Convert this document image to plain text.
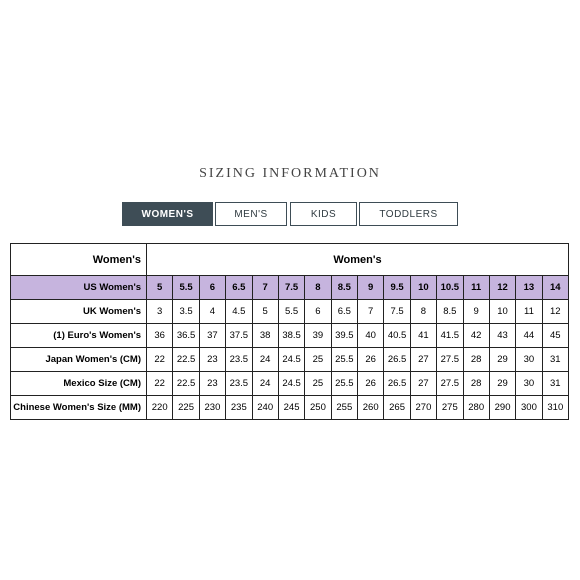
SIZING INFORMATION
WOMEN'S	MEN'S	KIDS	TODDLERS
Women's	Women's															
US Women's	5	5.5	6	6.5	7	7.5	8	8.5	9	9.5	10	10.5	11	12	13	14
UK Women's	3	3.5	4	4.5	5	5.5	6	6.5	7	7.5	8	8.5	9	10	11	12
(1) Euro's Women's	36	36.5	37	37.5	38	38.5	39	39.5	40	40.5	41	41.5	42	43	44	45
Japan Women's (CM)	22	22.5	23	23.5	24	24.5	25	25.5	26	26.5	27	27.5	28	29	30	31
Mexico Size (CM)	22	22.5	23	23.5	24	24.5	25	25.5	26	26.5	27	27.5	28	29	30	31
Chinese Women's Size (MM)	220	225	230	235	240	245	250	255	260	265	270	275	280	290	300	310
